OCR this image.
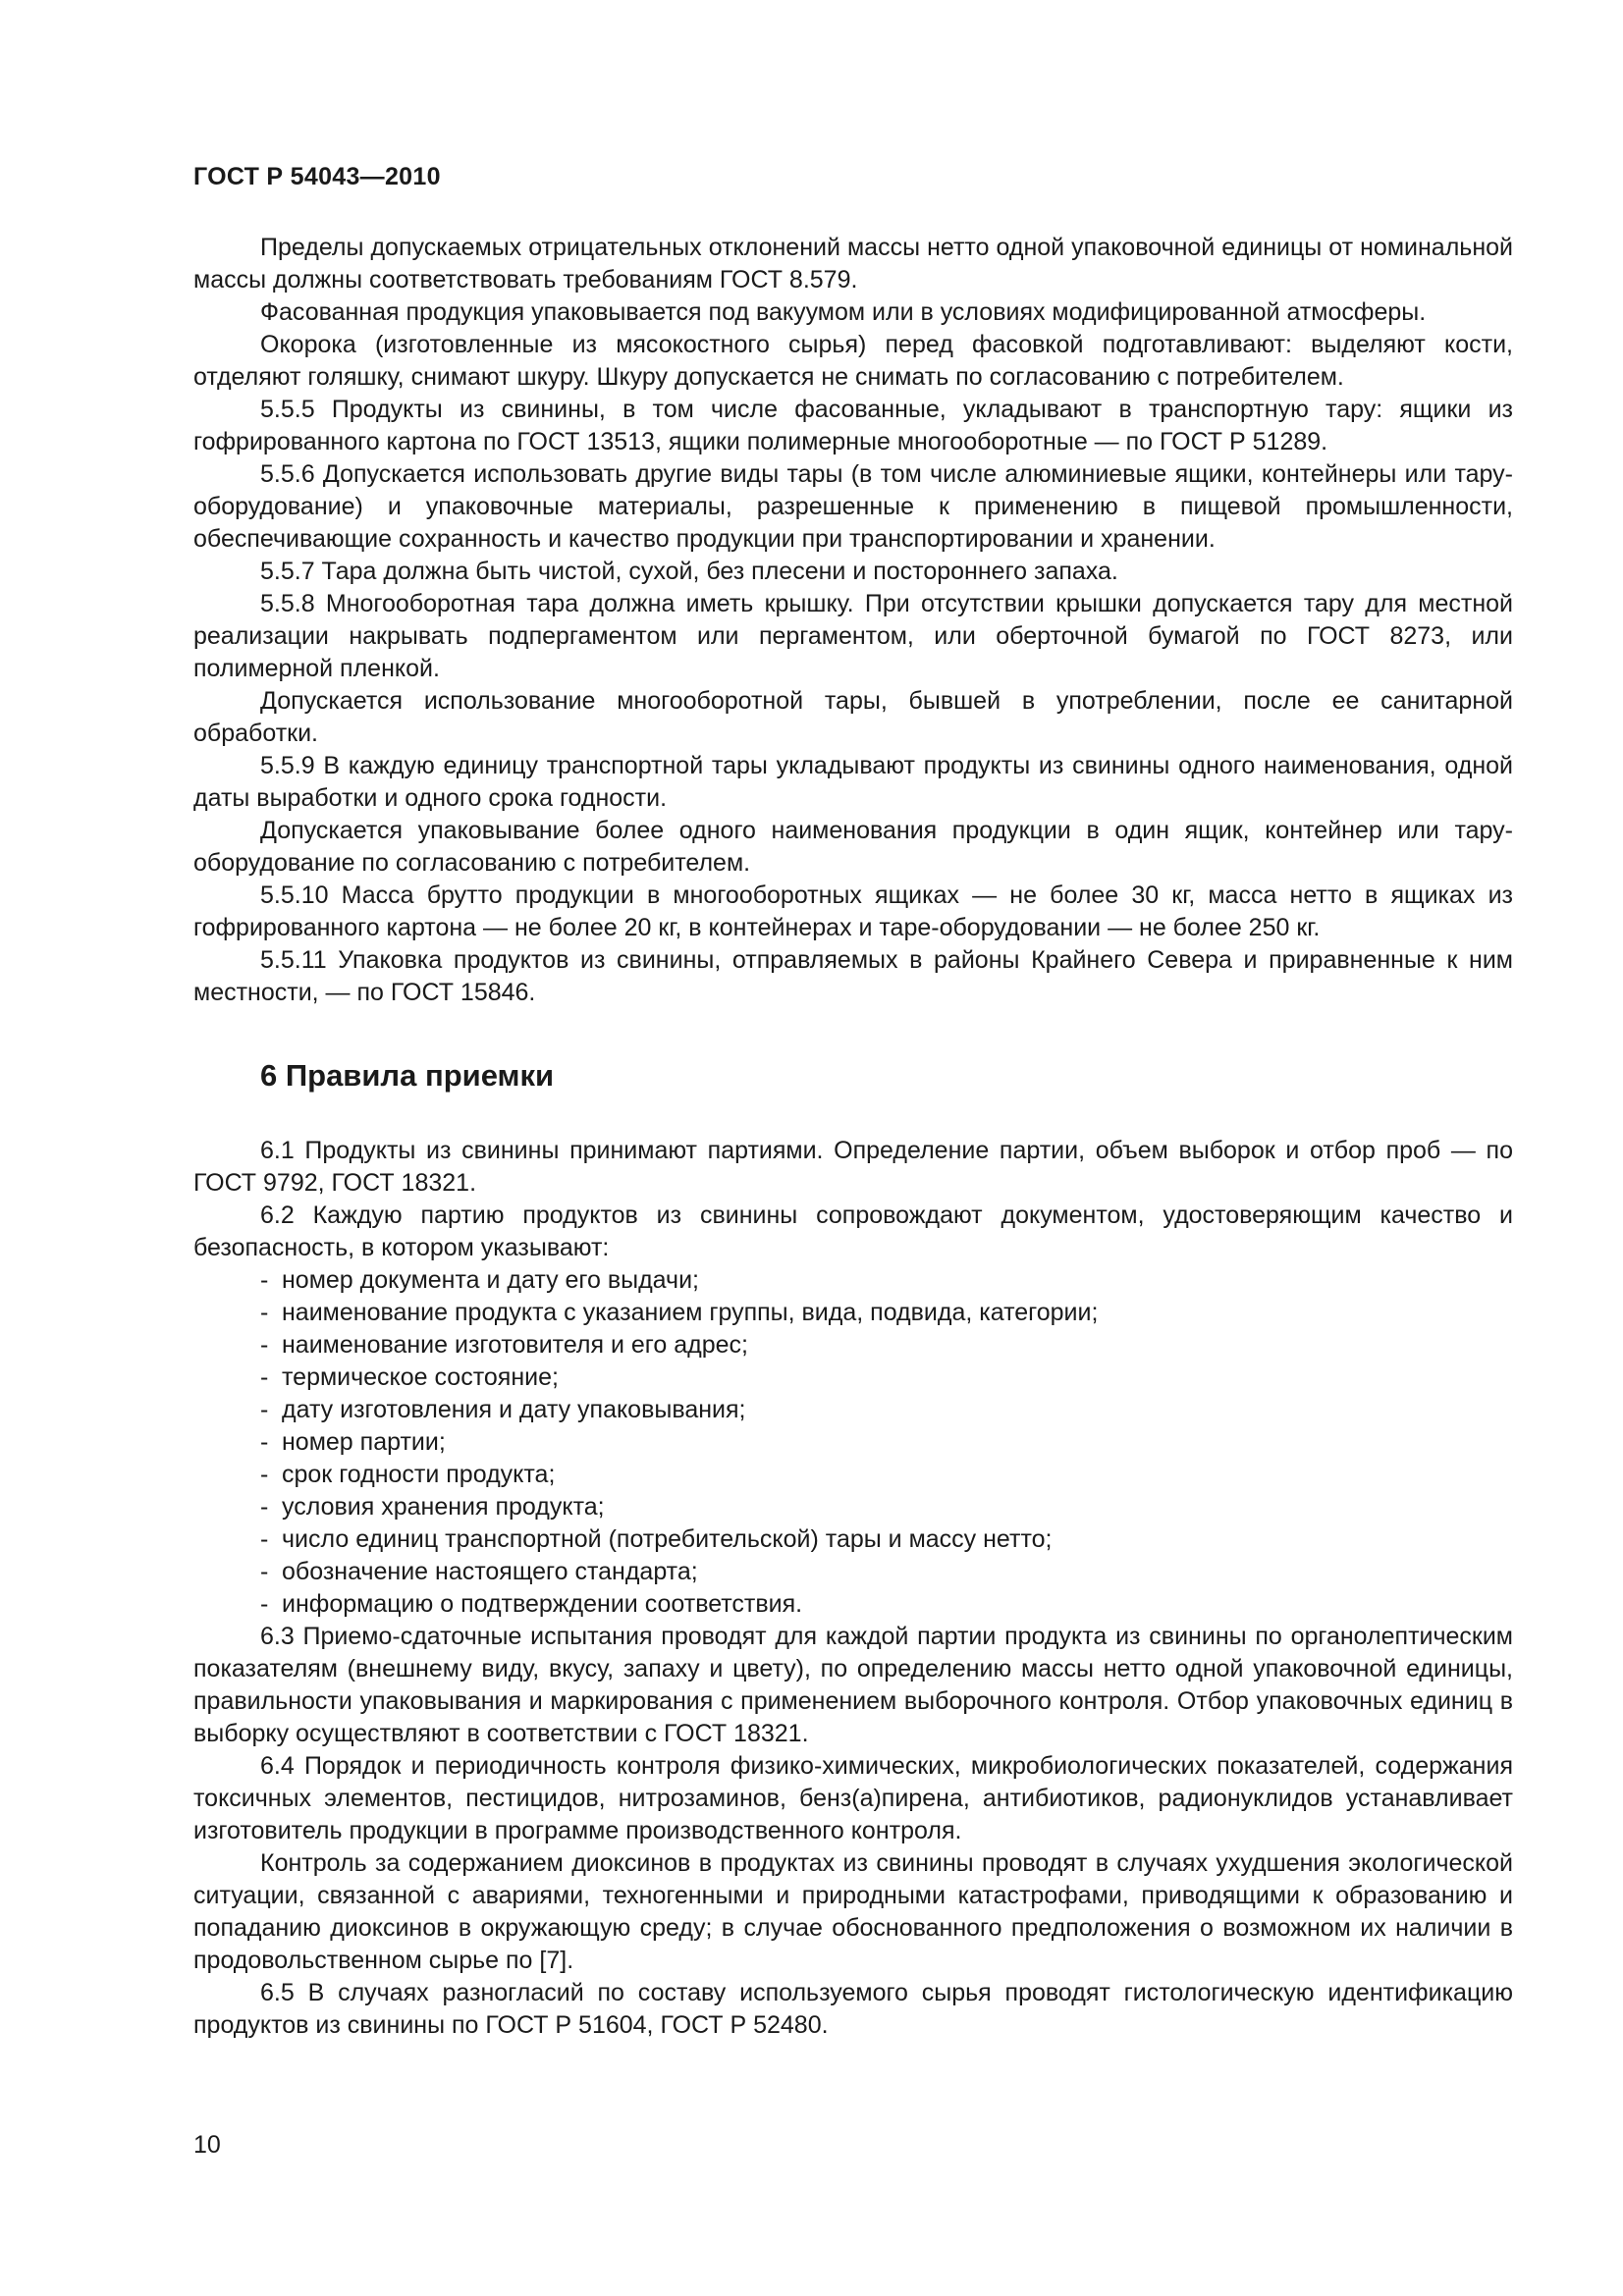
ГОСТ Р 54043—2010

Пределы допускаемых отрицательных отклонений массы нетто одной упаковочной единицы от номинальной массы должны соответствовать требованиям ГОСТ 8.579.

Фасованная продукция упаковывается под вакуумом или в условиях модифицированной атмосферы.

Окорока (изготовленные из мясокостного сырья) перед фасовкой подготавливают: выделяют кости, отделяют голяшку, снимают шкуру. Шкуру допускается не снимать по согласованию с потребителем.

5.5.5 Продукты из свинины, в том числе фасованные, укладывают в транспортную тару: ящики из гофрированного картона по ГОСТ 13513, ящики полимерные многооборотные — по ГОСТ Р 51289.

5.5.6 Допускается использовать другие виды тары (в том числе алюминиевые ящики, контейнеры или тару-оборудование) и упаковочные материалы, разрешенные к применению в пищевой промышленности, обеспечивающие сохранность и качество продукции при транспортировании и хранении.

5.5.7 Тара должна быть чистой, сухой, без плесени и постороннего запаха.

5.5.8 Многооборотная тара должна иметь крышку. При отсутствии крышки допускается тару для местной реализации накрывать подпергаментом или пергаментом, или оберточной бумагой по ГОСТ 8273, или полимерной пленкой.

Допускается использование многооборотной тары, бывшей в употреблении, после ее санитарной обработки.

5.5.9 В каждую единицу транспортной тары укладывают продукты из свинины одного наименования, одной даты выработки и одного срока годности.

Допускается упаковывание более одного наименования продукции в один ящик, контейнер или тару-оборудование по согласованию с потребителем.

5.5.10 Масса брутто продукции в многооборотных ящиках — не более 30 кг, масса нетто в ящиках из гофрированного картона — не более 20 кг, в контейнерах и таре-оборудовании — не более 250 кг.

5.5.11 Упаковка продуктов из свинины, отправляемых в районы Крайнего Севера и приравненные к ним местности, — по ГОСТ 15846.

6 Правила приемки

6.1 Продукты из свинины принимают партиями. Определение партии, объем выборок и отбор проб — по ГОСТ 9792, ГОСТ 18321.

6.2 Каждую партию продуктов из свинины сопровождают документом, удостоверяющим качество и безопасность, в котором указывают:

- номер документа и дату его выдачи;
- наименование продукта с указанием группы, вида, подвида, категории;
- наименование изготовителя и его адрес;
- термическое состояние;
- дату изготовления и дату упаковывания;
- номер партии;
- срок годности продукта;
- условия хранения продукта;
- число единиц транспортной (потребительской) тары и массу нетто;
- обозначение настоящего стандарта;
- информацию о подтверждении соответствия.

6.3 Приемо-сдаточные испытания проводят для каждой партии продукта из свинины по органолептическим показателям (внешнему виду, вкусу, запаху и цвету), по определению массы нетто одной упаковочной единицы, правильности упаковывания и маркирования с применением выборочного контроля. Отбор упаковочных единиц в выборку осуществляют в соответствии с ГОСТ 18321.

6.4 Порядок и периодичность контроля физико-химических, микробиологических показателей, содержания токсичных элементов, пестицидов, нитрозаминов, бенз(а)пирена, антибиотиков, радионуклидов устанавливает изготовитель продукции в программе производственного контроля.

Контроль за содержанием диоксинов в продуктах из свинины проводят в случаях ухудшения экологической ситуации, связанной с авариями, техногенными и природными катастрофами, приводящими к образованию и попаданию диоксинов в окружающую среду; в случае обоснованного предположения о возможном их наличии в продовольственном сырье по [7].

6.5 В случаях разногласий по составу используемого сырья проводят гистологическую идентификацию продуктов из свинины по ГОСТ Р 51604, ГОСТ Р 52480.

10
